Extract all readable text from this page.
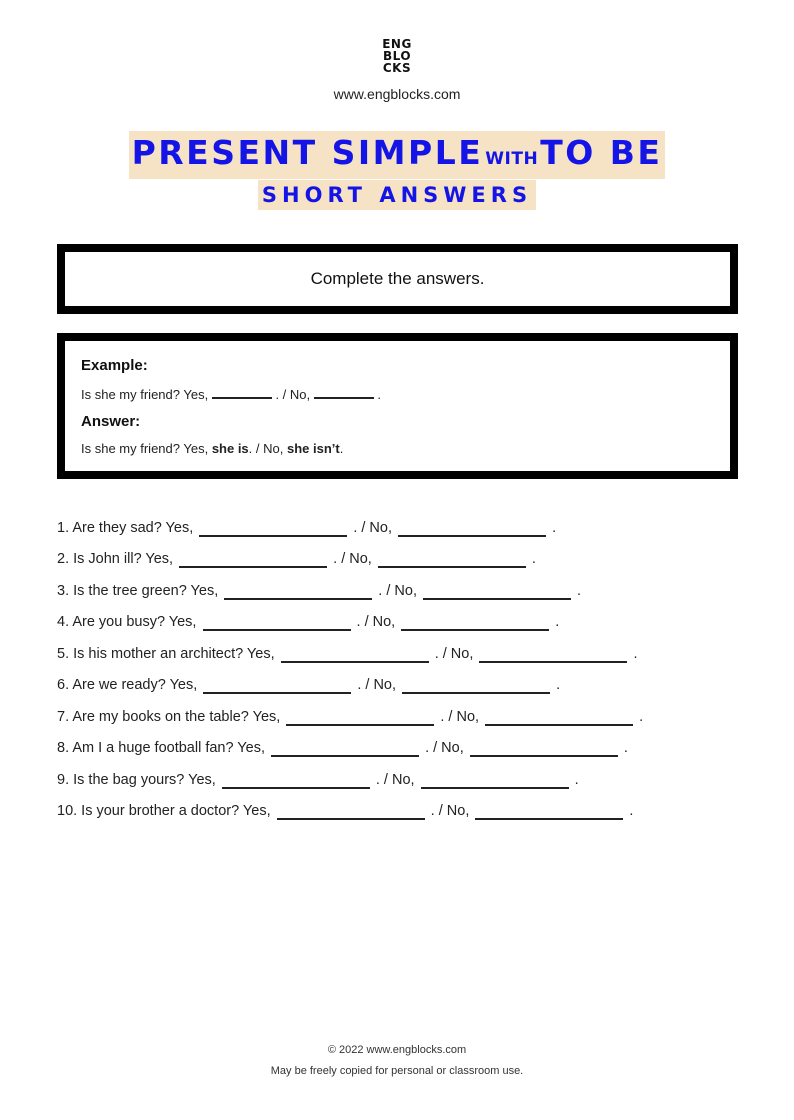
ENG
BLO
CKS
www.engblocks.com
PRESENT SIMPLE WITHTO BE
SHORT ANSWERS
Complete the answers.
Example:
Is she my friend? Yes,	. / No,	.
Answer:
Is she my friend? Yes, she is. / No, she isn’t.
1. Are they sad? Yes,	. / No,	.
2. Is John ill? Yes,	. / No,	.
3. Is the tree green? Yes,	. / No,	.
4. Are you busy? Yes,	. / No,	.
5. Is his mother an architect? Yes,	. / No,	.
6. Are we ready? Yes,	. / No,	.
7. Are my books on the table? Yes,	. / No,	.
8. Am I a huge football fan? Yes,	. / No,	.
9. Is the bag yours? Yes,	. / No,	.
10. Is your brother a doctor? Yes,	. / No,	.
© 2022 www.engblocks.com
May be freely copied for personal or classroom use.
